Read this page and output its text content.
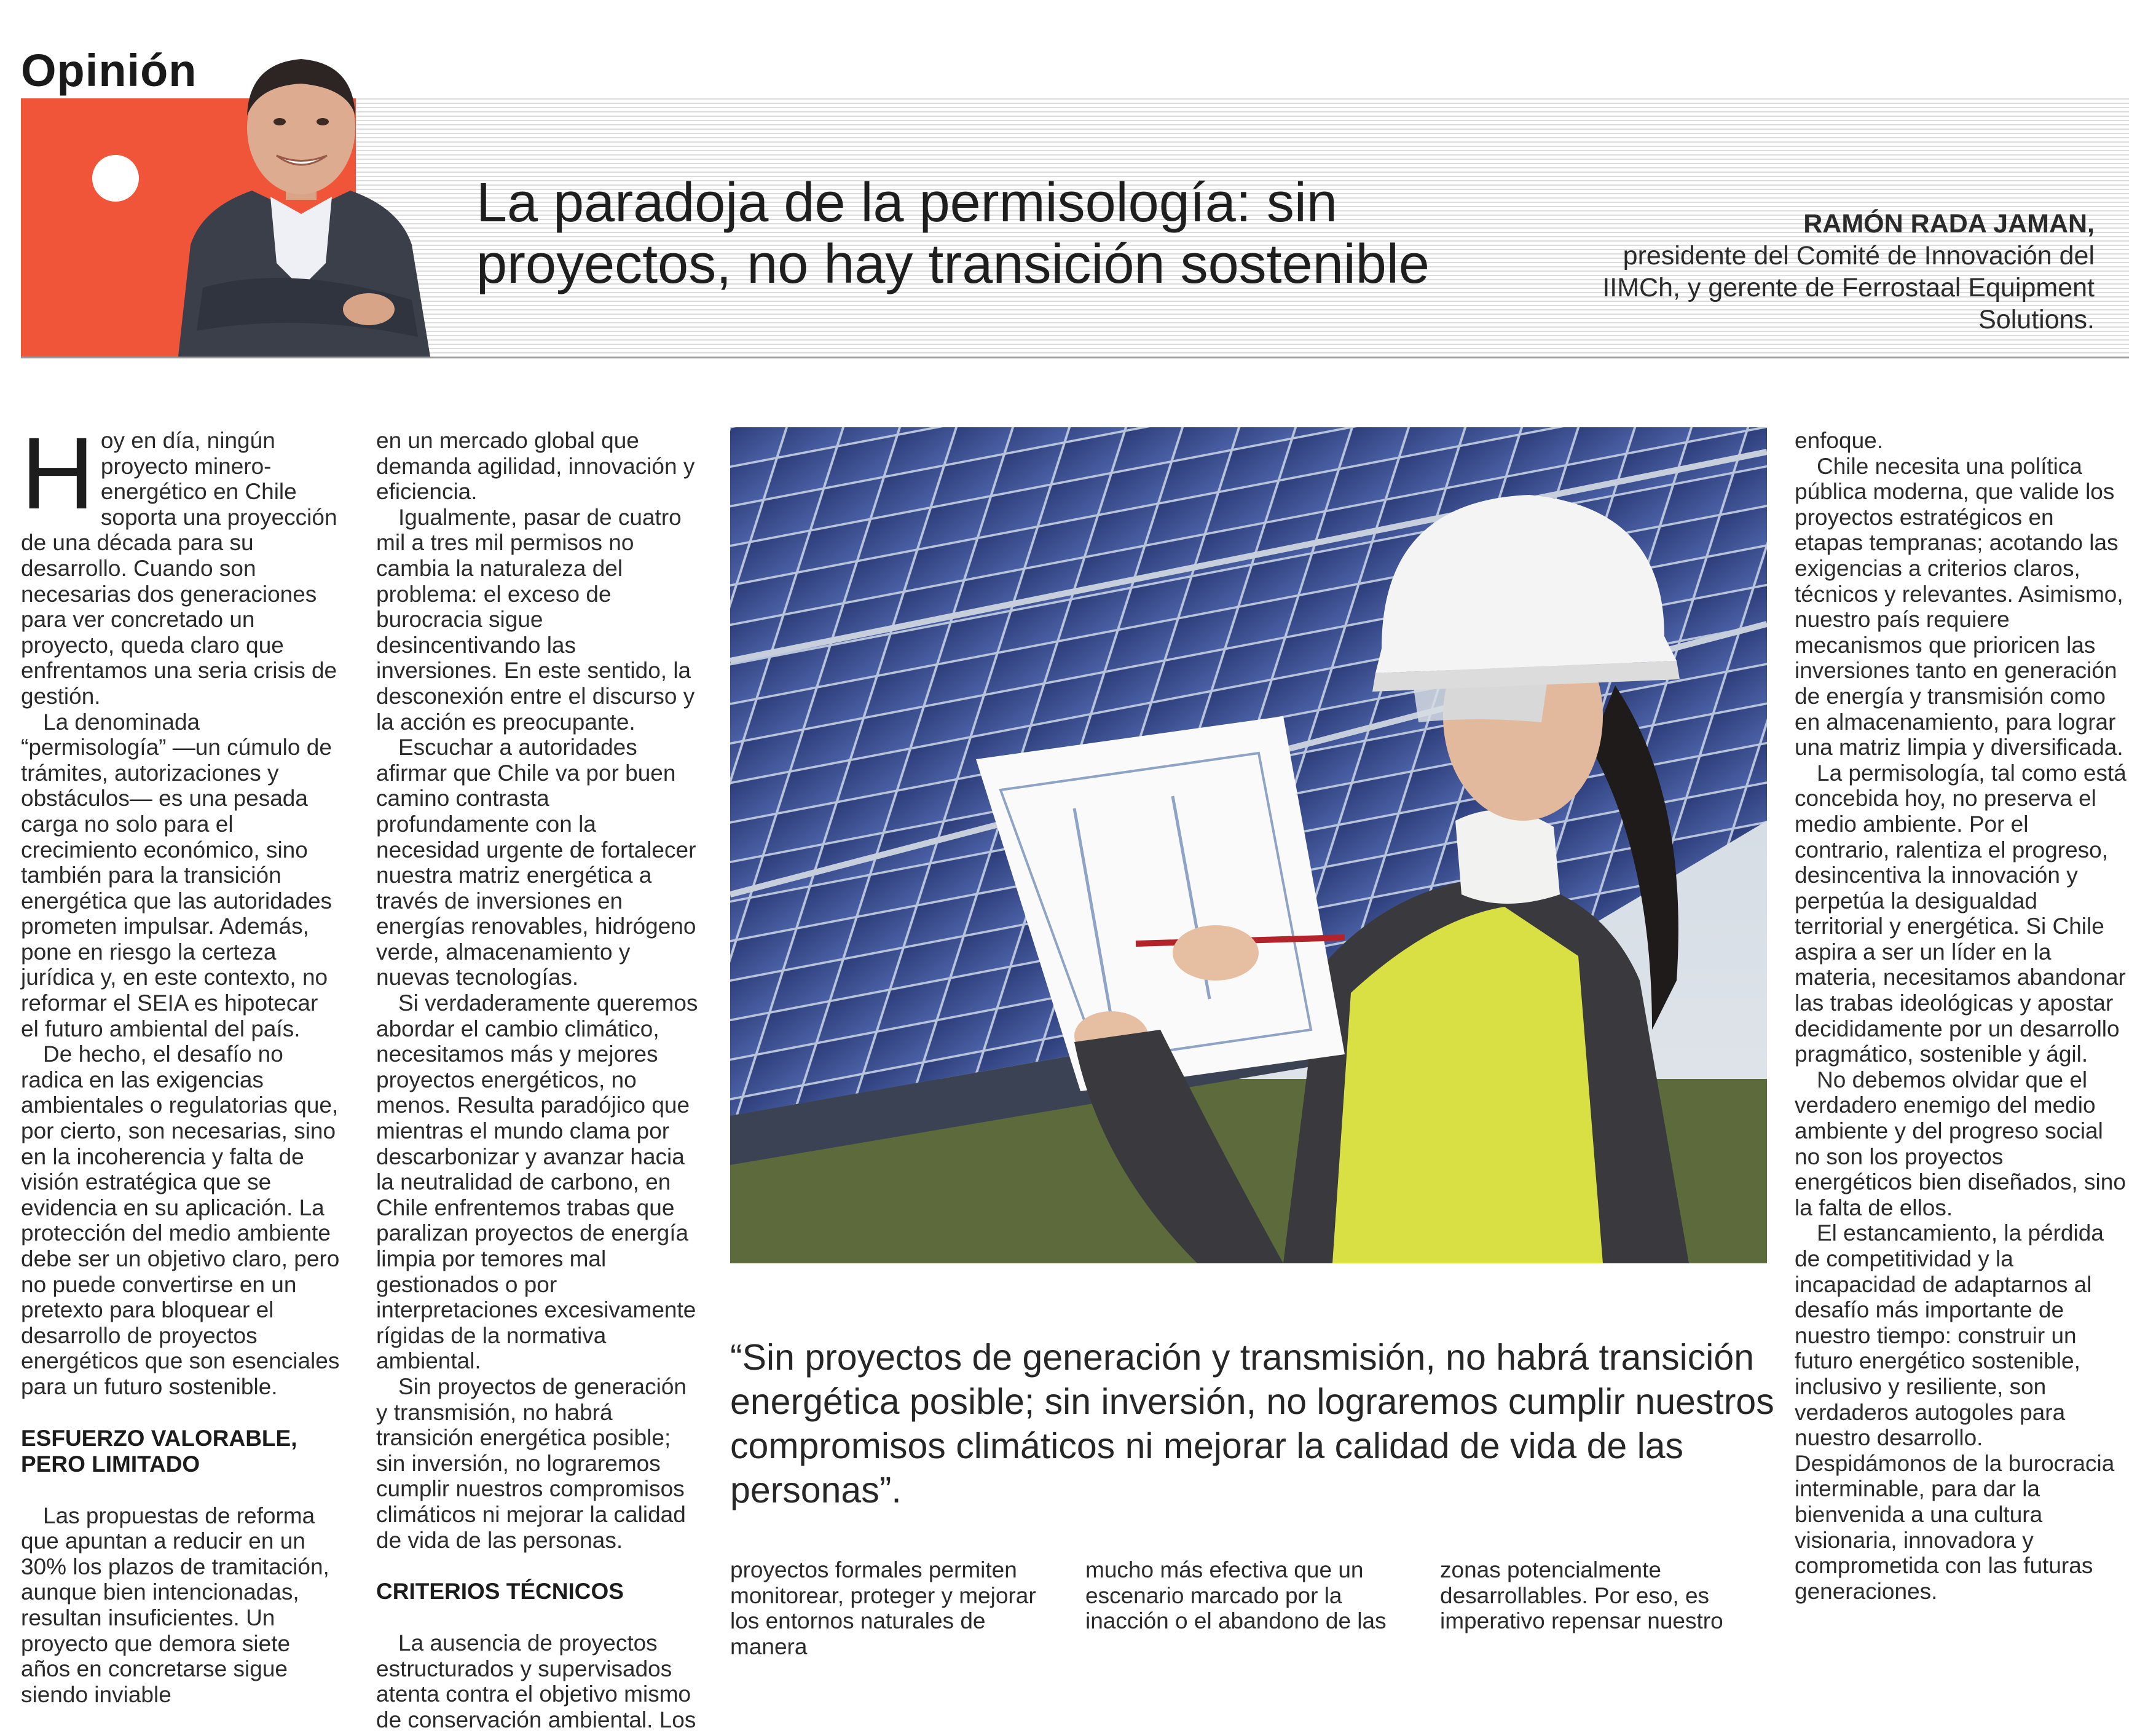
Opinión
La paradoja de la permisología: sin proyectos, no hay transición sostenible
RAMÓN RADA JAMAN,
presidente del Comité de Innovación del IIMCh, y gerente de Ferrostaal Equipment Solutions.

Hoy en día, ningún proyecto minero-energético en Chile soporta una proyección de una década para su desarrollo. Cuando son necesarias dos generaciones para ver concretado un proyecto, queda claro que enfrentamos una seria crisis de gestión.

La denominada “permisología” —un cúmulo de trámites, autorizaciones y obstáculos— es una pesada carga no solo para el crecimiento económico, sino también para la transición energética que las autoridades prometen impulsar. Además, pone en riesgo la certeza jurídica y, en este contexto, no reformar el SEIA es hipotecar el futuro ambiental del país.

De hecho, el desafío no radica en las exigencias ambientales o regulatorias que, por cierto, son necesarias, sino en la incoherencia y falta de visión estratégica que se evidencia en su aplicación. La protección del medio ambiente debe ser un objetivo claro, pero no puede convertirse en un pretexto para bloquear el desarrollo de proyectos energéticos que son esenciales para un futuro sostenible.

ESFUERZO VALORABLE, PERO LIMITADO

Las propuestas de reforma que apuntan a reducir en un 30% los plazos de tramitación, aunque bien intencionadas, resultan insuficientes. Un proyecto que demora siete años en concretarse sigue siendo inviable

en un mercado global que demanda agilidad, innovación y eficiencia.

Igualmente, pasar de cuatro mil a tres mil permisos no cambia la naturaleza del problema: el exceso de burocracia sigue desincentivando las inversiones. En este sentido, la desconexión entre el discurso y la acción es preocupante.

Escuchar a autoridades afirmar que Chile va por buen camino contrasta profundamente con la necesidad urgente de fortalecer nuestra matriz energética a través de inversiones en energías renovables, hidrógeno verde, almacenamiento y nuevas tecnologías.

Si verdaderamente queremos abordar el cambio climático, necesitamos más y mejores proyectos energéticos, no menos. Resulta paradójico que mientras el mundo clama por descarbonizar y avanzar hacia la neutralidad de carbono, en Chile enfrentemos trabas que paralizan proyectos de energía limpia por temores mal gestionados o por interpretaciones excesivamente rígidas de la normativa ambiental.

Sin proyectos de generación y transmisión, no habrá transición energética posible; sin inversión, no lograremos cumplir nuestros compromisos climáticos ni mejorar la calidad de vida de las personas.

CRITERIOS TÉCNICOS

La ausencia de proyectos estructurados y supervisados atenta contra el objetivo mismo de conservación ambiental. Los

“Sin proyectos de generación y transmisión, no habrá transición energética posible; sin inversión, no lograremos cumplir nuestros compromisos climáticos ni mejorar la calidad de vida de las personas”.

proyectos formales permiten monitorear, proteger y mejorar los entornos naturales de manera

mucho más efectiva que un escenario marcado por la inacción o el abandono de las

zonas potencialmente desarrollables. Por eso, es imperativo repensar nuestro

enfoque.

Chile necesita una política pública moderna, que valide los proyectos estratégicos en etapas tempranas; acotando las exigencias a criterios claros, técnicos y relevantes. Asimismo, nuestro país requiere mecanismos que prioricen las inversiones tanto en generación de energía y transmisión como en almacenamiento, para lograr una matriz limpia y diversificada.

La permisología, tal como está concebida hoy, no preserva el medio ambiente. Por el contrario, ralentiza el progreso, desincentiva la innovación y perpetúa la desigualdad territorial y energética. Si Chile aspira a ser un líder en la materia, necesitamos abandonar las trabas ideológicas y apostar decididamente por un desarrollo pragmático, sostenible y ágil.

No debemos olvidar que el verdadero enemigo del medio ambiente y del progreso social no son los proyectos energéticos bien diseñados, sino la falta de ellos.

El estancamiento, la pérdida de competitividad y la incapacidad de adaptarnos al desafío más importante de nuestro tiempo: construir un futuro energético sostenible, inclusivo y resiliente, son verdaderos autogoles para nuestro desarrollo. Despidámonos de la burocracia interminable, para dar la bienvenida a una cultura visionaria, innovadora y comprometida con las futuras generaciones.
